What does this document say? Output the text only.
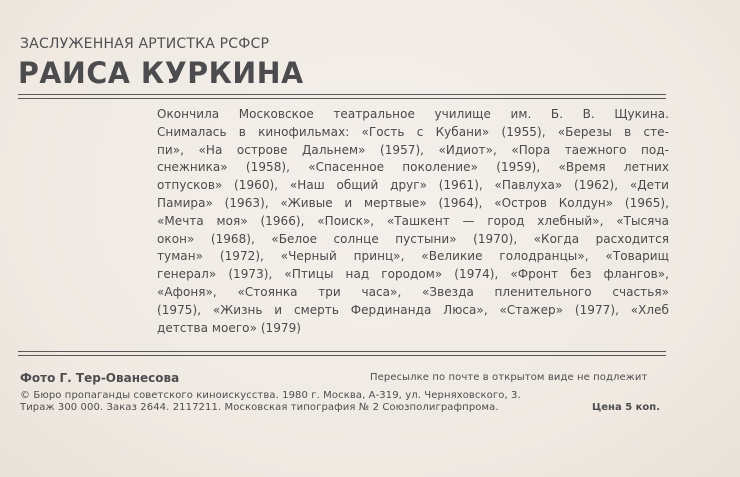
ЗАСЛУЖЕННАЯ АРТИСТКА РСФСР
РАИСА КУРКИНА
Окончила Московское театральное училище им. Б. В. Щукина.
Снималась в кинофильмах: «Гость с Кубани» (1955), «Березы в сте-
пи», «На острове Дальнем» (1957), «Идиот», «Пора таежного под-
снежника» (1958), «Спасенное поколение» (1959), «Время летних
отпусков» (1960), «Наш общий друг» (1961), «Павлуха» (1962), «Дети
Памира» (1963), «Живые и мертвые» (1964), «Остров Колдун» (1965),
«Мечта моя» (1966), «Поиск», «Ташкент — город хлебный», «Тысяча
окон» (1968), «Белое солнце пустыни» (1970), «Когда расходится
туман» (1972), «Черный принц», «Великие голодранцы», «Товарищ
генерал» (1973), «Птицы над городом» (1974), «Фронт без флангов»,
«Афоня», «Стоянка три часа», «Звезда пленительного счастья»
(1975), «Жизнь и смерть Фердинанда Люса», «Стажер» (1977), «Хлеб
детства моего» (1979)
Фото Г. Тер-Ованесова	Пересылке по почте в открытом виде не подлежит
© Бюро пропаганды советского киноискусства. 1980 г. Москва, А-319, ул. Черняховского, 3.
Тираж 300 000. Заказ 2644. 2117211. Московская типография № 2 Союзполиграфпрома.	Цена 5 коп.
